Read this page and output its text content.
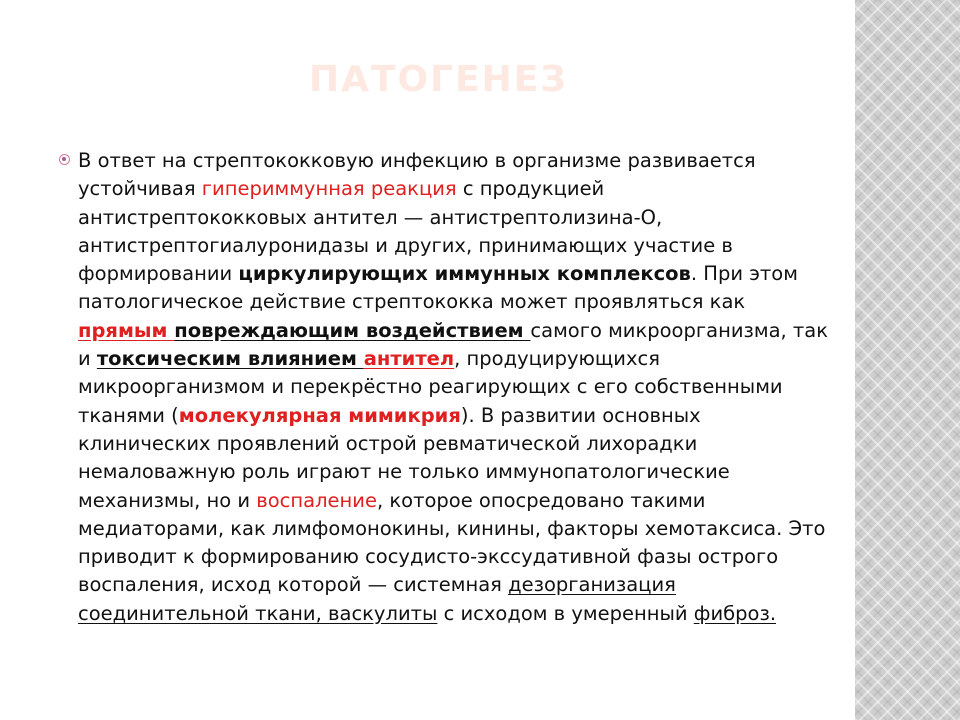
ПАТОГЕНЕЗ

В ответ на стрептококковую инфекцию в организме развивается устойчивая гипериммунная реакция с продукцией антистрептококковых антител — антистрептолизина-О, антистрептогиалуронидазы и других, принимающих участие в формировании циркулирующих иммунных комплексов. При этом патологическое действие стрептококка может проявляться как прямым повреждающим воздействием самого микроорганизма, так и токсическим влиянием антител, продуцирующихся микроорганизмом и перекрёстно реагирующих с его собственными тканями (молекулярная мимикрия). В развитии основных клинических проявлений острой ревматической лихорадки немаловажную роль играют не только иммунопатологические механизмы, но и воспаление, которое опосредовано такими медиаторами, как лимфомонокины, кинины, факторы хемотаксиса. Это приводит к формированию сосудисто-экссудативной фазы острого воспаления, исход которой — системная дезорганизация соединительной ткани, васкулиты с исходом в умеренный фиброз.
